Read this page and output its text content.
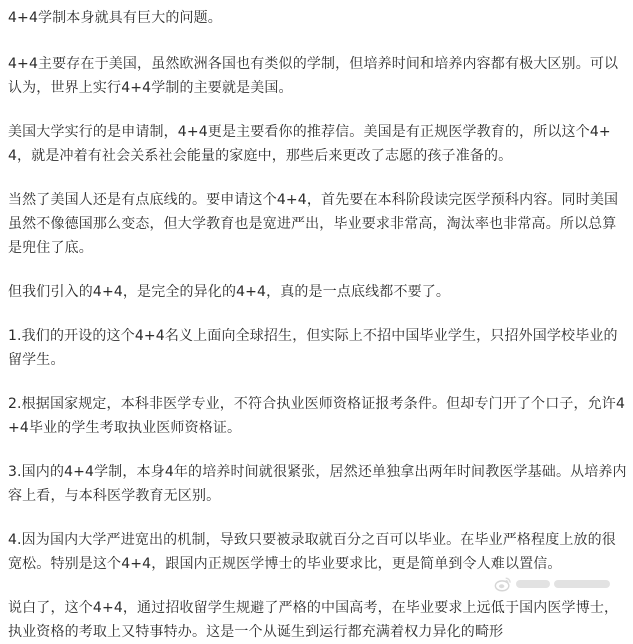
4+4学制本身就具有巨大的问题。

4+4主要存在于美国，虽然欧洲各国也有类似的学制，但培养时间和培养内容都有极大区别。可以认为，世界上实行4+4学制的主要就是美国。

美国大学实行的是申请制，4+4更是主要看你的推荐信。美国是有正规医学教育的，所以这个4+4，就是冲着有社会关系社会能量的家庭中，那些后来更改了志愿的孩子准备的。

当然了美国人还是有点底线的。要申请这个4+4，首先要在本科阶段读完医学预科内容。同时美国虽然不像德国那么变态，但大学教育也是宽进严出，毕业要求非常高，淘汰率也非常高。所以总算是兜住了底。

但我们引入的4+4，是完全的异化的4+4，真的是一点底线都不要了。

1.我们的开设的这个4+4名义上面向全球招生，但实际上不招中国毕业学生，只招外国学校毕业的留学生。

2.根据国家规定，本科非医学专业，不符合执业医师资格证报考条件。但却专门开了个口子，允许4+4毕业的学生考取执业医师资格证。

3.国内的4+4学制，本身4年的培养时间就很紧张，居然还单独拿出两年时间教医学基础。从培养内容上看，与本科医学教育无区别。

4.因为国内大学严进宽出的机制，导致只要被录取就百分之百可以毕业。在毕业严格程度上放的很宽松。特别是这个4+4，跟国内正规医学博士的毕业要求比，更是简单到令人难以置信。

说白了，这个4+4，通过招收留学生规避了严格的中国高考，在毕业要求上远低于国内医学博士，执业资格的考取上又特事特办。这是一个从诞生到运行都充满着权力异化的畸形
